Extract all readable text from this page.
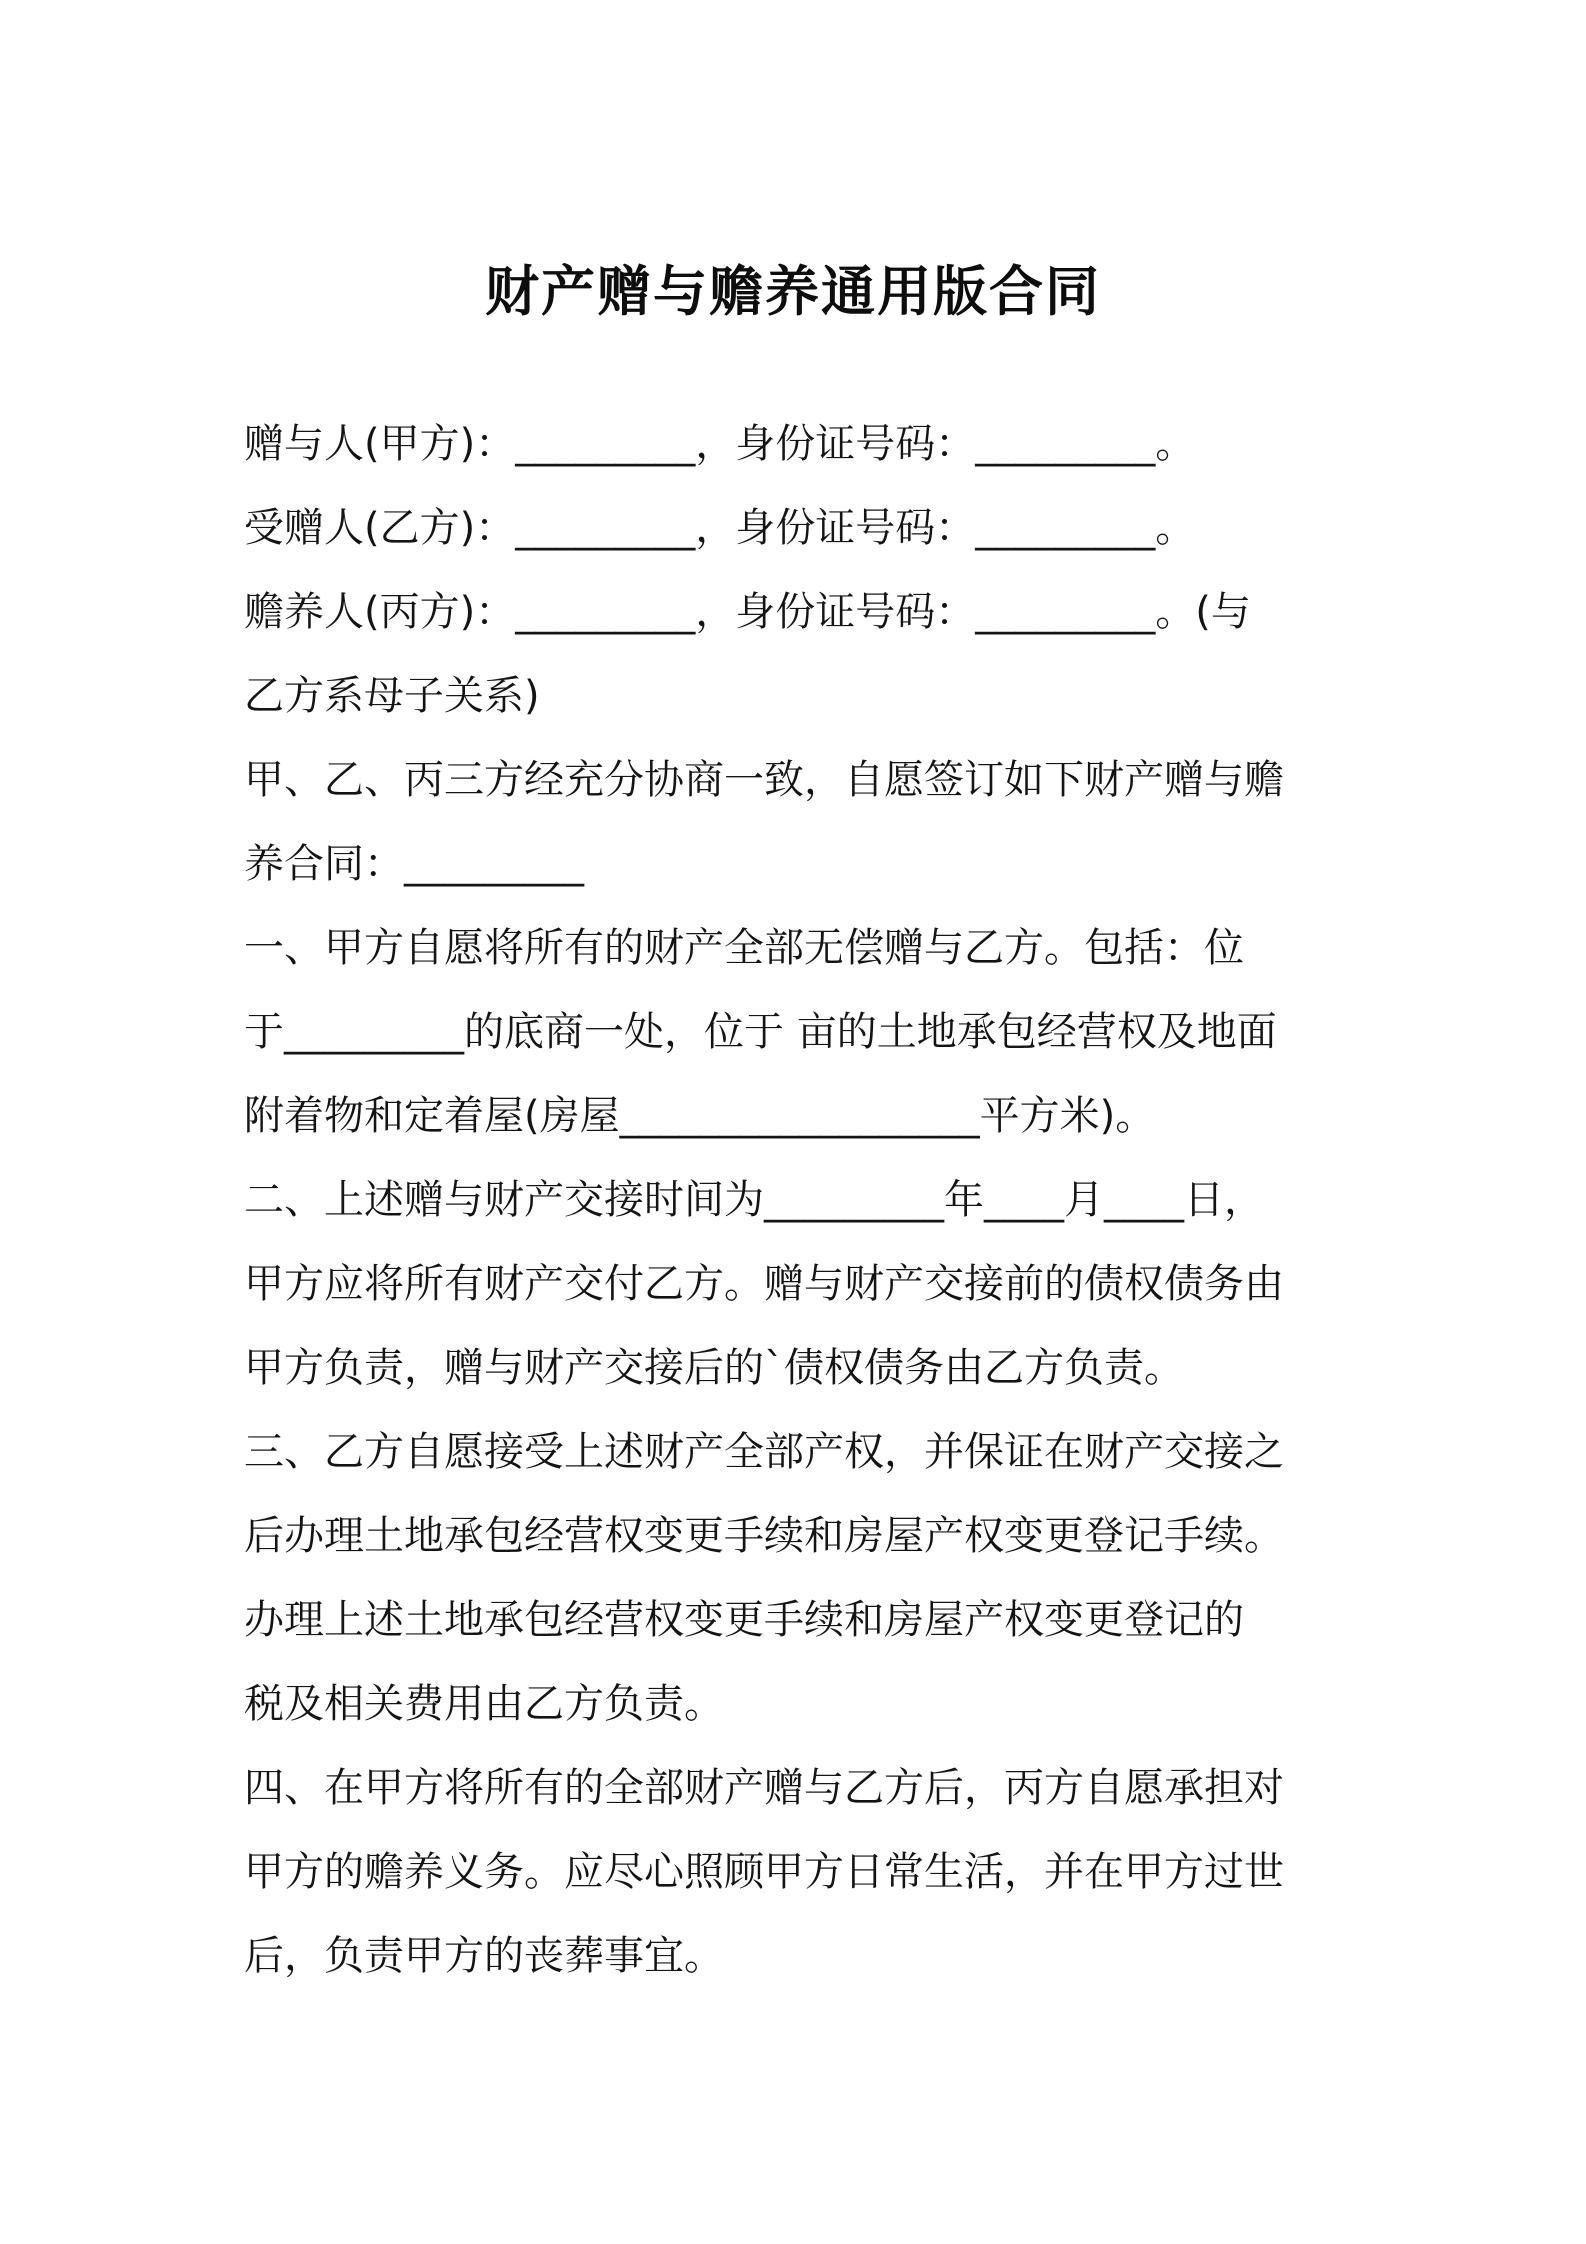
财产赠与赡养通用版合同
赠与人(甲方)：_________，身份证号码：_________。
受赠人(乙方)：_________，身份证号码：_________。
赡养人(丙方)：_________，身份证号码：_________。(与
乙方系母子关系)
甲、乙、丙三方经充分协商一致，自愿签订如下财产赠与赡
养合同：_________
一、甲方自愿将所有的财产全部无偿赠与乙方。包括：位
于_________的底商一处，位于 亩的土地承包经营权及地面
附着物和定着屋(房屋__________________平方米)。
二、上述赠与财产交接时间为_________年____月____日，
甲方应将所有财产交付乙方。赠与财产交接前的债权债务由
甲方负责，赠与财产交接后的`债权债务由乙方负责。
三、乙方自愿接受上述财产全部产权，并保证在财产交接之
后办理土地承包经营权变更手续和房屋产权变更登记手续。
办理上述土地承包经营权变更手续和房屋产权变更登记的
税及相关费用由乙方负责。
四、在甲方将所有的全部财产赠与乙方后，丙方自愿承担对
甲方的赡养义务。应尽心照顾甲方日常生活，并在甲方过世
后，负责甲方的丧葬事宜。
